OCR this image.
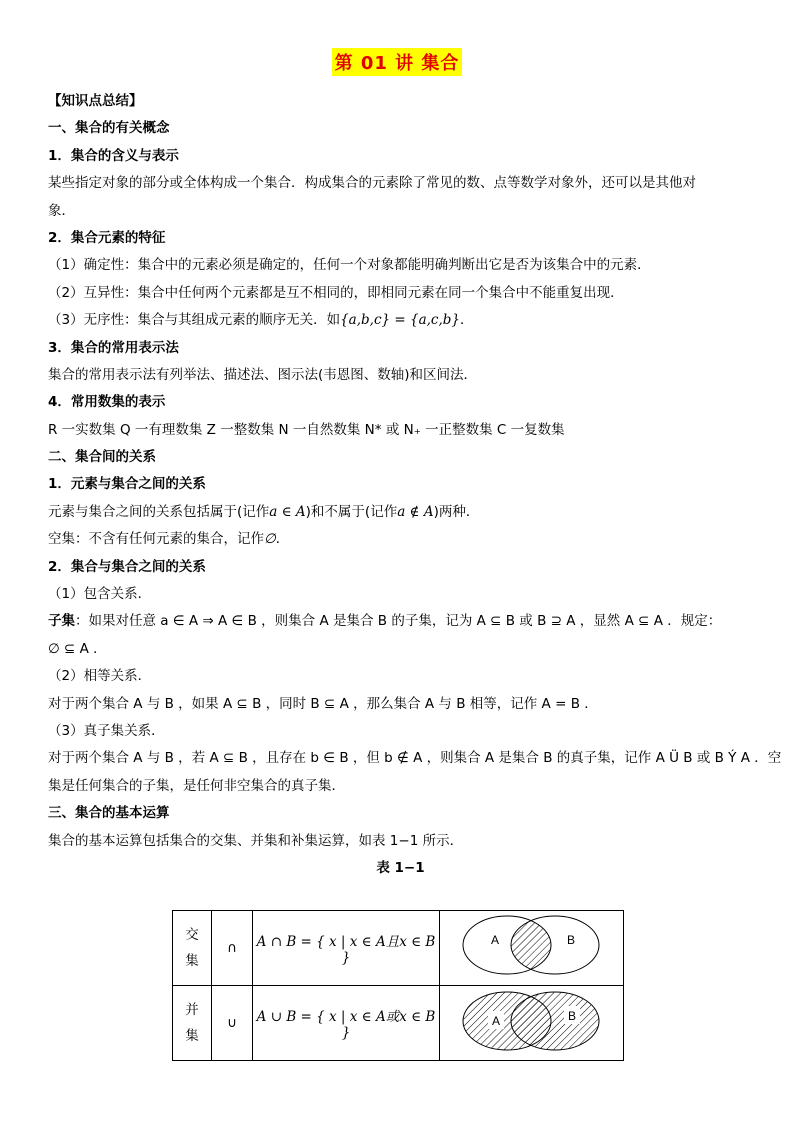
第 01 讲 集合
【知识点总结】
一、集合的有关概念
1．集合的含义与表示
某些指定对象的部分或全体构成一个集合．构成集合的元素除了常见的数、点等数学对象外，还可以是其他对
象．
2．集合元素的特征
（1）确定性：集合中的元素必须是确定的，任何一个对象都能明确判断出它是否为该集合中的元素．
（2）互异性：集合中任何两个元素都是互不相同的，即相同元素在同一个集合中不能重复出现．
（3）无序性：集合与其组成元素的顺序无关．如{a,b,c} = {a,c,b}．
3．集合的常用表示法
集合的常用表示法有列举法、描述法、图示法(韦恩图、数轴)和区间法．
4．常用数集的表示
R 一实数集 Q 一有理数集 Z 一整数集 N 一自然数集 N* 或 N₊ 一正整数集 C 一复数集
二、集合间的关系
1．元素与集合之间的关系
元素与集合之间的关系包括属于(记作a ∈ A)和不属于(记作a ∉ A)两种．
空集：不含有任何元素的集合，记作∅．
2．集合与集合之间的关系
（1）包含关系．
子集：如果对任意 a ∈ A ⇒ A ∈ B ，则集合 A 是集合 B 的子集，记为 A ⊆ B 或 B ⊇ A ，显然 A ⊆ A ．规定：
∅ ⊆ A ．
（2）相等关系．
对于两个集合 A 与 B ，如果 A ⊆ B ，同时 B ⊆ A ，那么集合 A 与 B 相等，记作 A = B ．
（3）真子集关系．
对于两个集合 A 与 B ，若 A ⊆ B ，且存在 b ∈ B ，但 b ∉ A ，则集合 A 是集合 B 的真子集，记作 A Ü B 或 B Ý A ．空
集是任何集合的子集，是任何非空集合的真子集．
三、集合的基本运算
集合的基本运算包括集合的交集、并集和补集运算，如表 1−1 所示．
表 1−1
交
集	∩	A ∩ B = { x | x ∈ A且x ∈ B }	A B

并
集	∪	A ∪ B = { x | x ∈ A或x ∈ B }	A B
